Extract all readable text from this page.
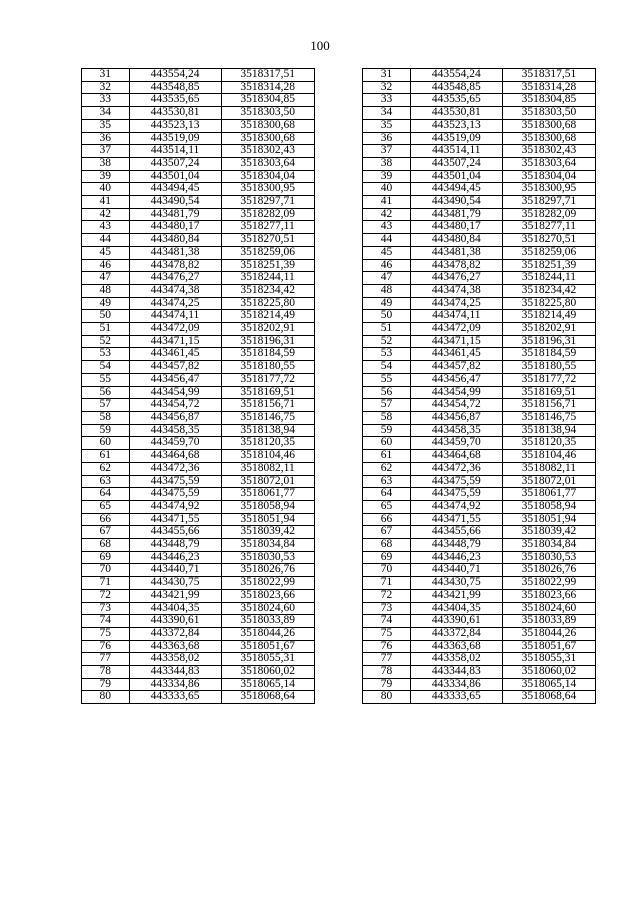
100
31	443554,24	3518317,51		31	443554,24	3518317,51
32	443548,85	3518314,28		32	443548,85	3518314,28
33	443535,65	3518304,85		33	443535,65	3518304,85
34	443530,81	3518303,50		34	443530,81	3518303,50
35	443523,13	3518300,68		35	443523,13	3518300,68
36	443519,09	3518300,68		36	443519,09	3518300,68
37	443514,11	3518302,43		37	443514,11	3518302,43
38	443507,24	3518303,64		38	443507,24	3518303,64
39	443501,04	3518304,04		39	443501,04	3518304,04
40	443494,45	3518300,95		40	443494,45	3518300,95
41	443490,54	3518297,71		41	443490,54	3518297,71
42	443481,79	3518282,09		42	443481,79	3518282,09
43	443480,17	3518277,11		43	443480,17	3518277,11
44	443480,84	3518270,51		44	443480,84	3518270,51
45	443481,38	3518259,06		45	443481,38	3518259,06
46	443478,82	3518251,39		46	443478,82	3518251,39
47	443476,27	3518244,11		47	443476,27	3518244,11
48	443474,38	3518234,42		48	443474,38	3518234,42
49	443474,25	3518225,80		49	443474,25	3518225,80
50	443474,11	3518214,49		50	443474,11	3518214,49
51	443472,09	3518202,91		51	443472,09	3518202,91
52	443471,15	3518196,31		52	443471,15	3518196,31
53	443461,45	3518184,59		53	443461,45	3518184,59
54	443457,82	3518180,55		54	443457,82	3518180,55
55	443456,47	3518177,72		55	443456,47	3518177,72
56	443454,99	3518169,51		56	443454,99	3518169,51
57	443454,72	3518156,71		57	443454,72	3518156,71
58	443456,87	3518146,75		58	443456,87	3518146,75
59	443458,35	3518138,94		59	443458,35	3518138,94
60	443459,70	3518120,35		60	443459,70	3518120,35
61	443464,68	3518104,46		61	443464,68	3518104,46
62	443472,36	3518082,11		62	443472,36	3518082,11
63	443475,59	3518072,01		63	443475,59	3518072,01
64	443475,59	3518061,77		64	443475,59	3518061,77
65	443474,92	3518058,94		65	443474,92	3518058,94
66	443471,55	3518051,94		66	443471,55	3518051,94
67	443455,66	3518039,42		67	443455,66	3518039,42
68	443448,79	3518034,84		68	443448,79	3518034,84
69	443446,23	3518030,53		69	443446,23	3518030,53
70	443440,71	3518026,76		70	443440,71	3518026,76
71	443430,75	3518022,99		71	443430,75	3518022,99
72	443421,99	3518023,66		72	443421,99	3518023,66
73	443404,35	3518024,60		73	443404,35	3518024,60
74	443390,61	3518033,89		74	443390,61	3518033,89
75	443372,84	3518044,26		75	443372,84	3518044,26
76	443363,68	3518051,67		76	443363,68	3518051,67
77	443358,02	3518055,31		77	443358,02	3518055,31
78	443344,83	3518060,02		78	443344,83	3518060,02
79	443334,86	3518065,14		79	443334,86	3518065,14
80	443333,65	3518068,64		80	443333,65	3518068,64
